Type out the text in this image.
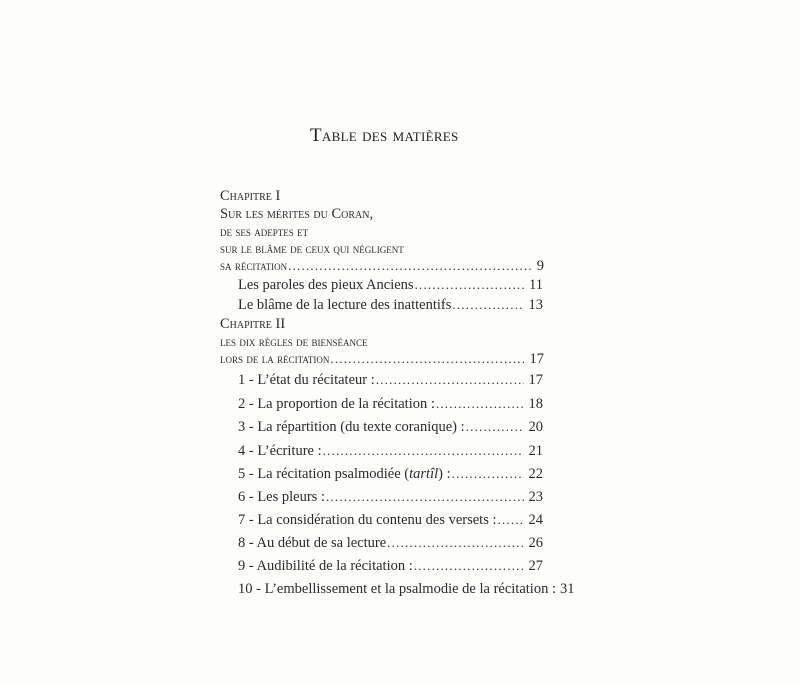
Table des matières
Chapitre I
Sur les mérites du Coran,
de ses adeptes et
sur le blâme de ceux qui négligent
sa récitation .....	9
Les paroles des pieux Anciens .....	11
Le blâme de la lecture des inattentifs .....	13
Chapitre II
les dix règles de bienséance
lors de la récitation .....	17
1 - L’état du récitateur : .....	17
2 - La proportion de la récitation : .....	18
3 - La répartition (du texte coranique) : .....	20
4 - L’écriture : .....	21
5 - La récitation psalmodiée (tartîl) : .....	22
6 - Les pleurs : .....	23
7 - La considération du contenu des versets : ..... 24
8 - Au début de sa lecture .....	26
9 - Audibilité de la récitation : .....	27
10 - L’embellissement et la psalmodie de la récitation : 31
